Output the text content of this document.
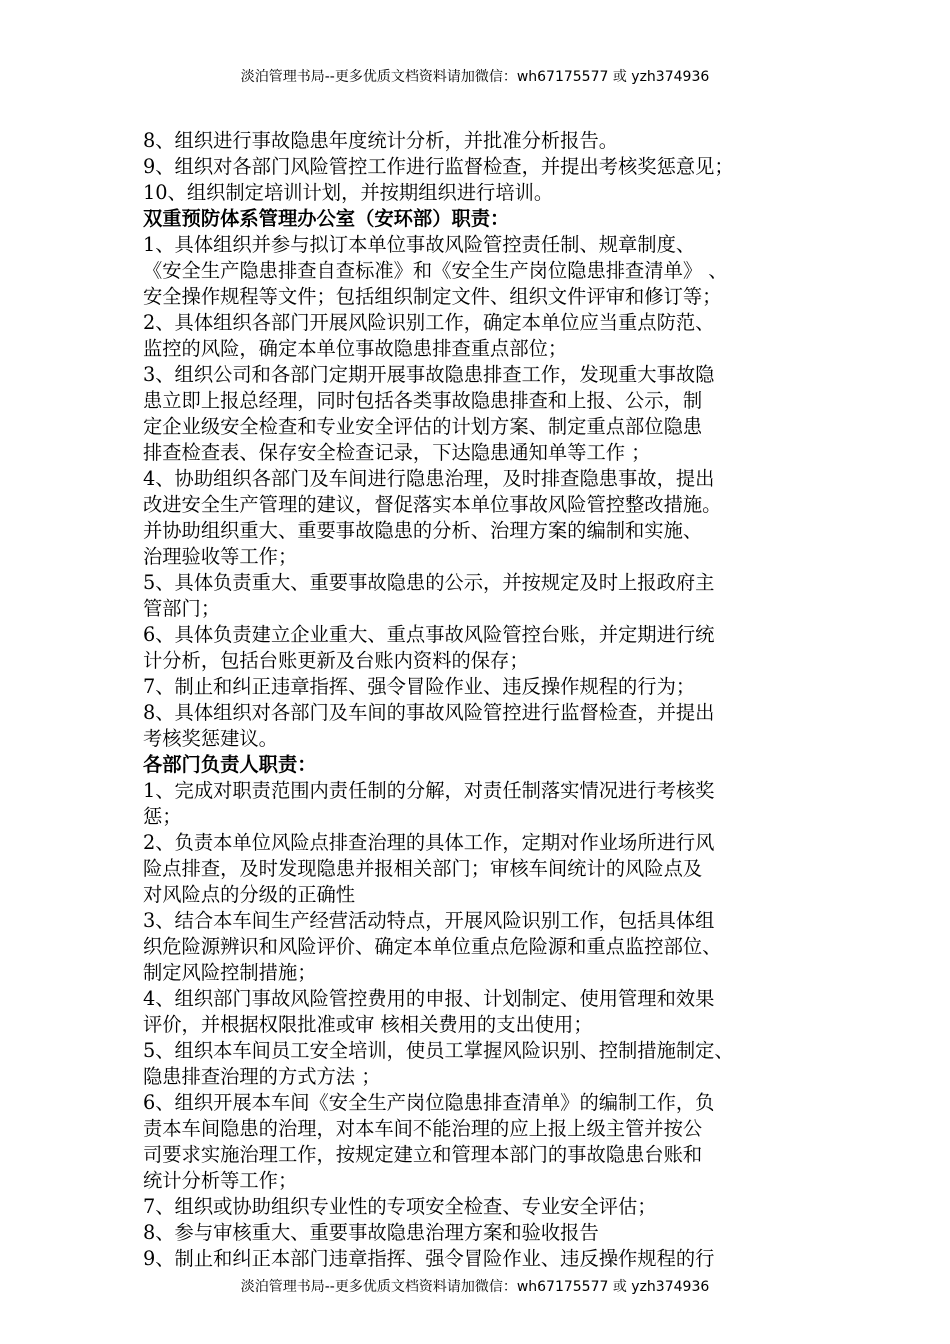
淡泊管理书局--更多优质文档资料请加微信：wh67175577 或 yzh374936
8、组织进行事故隐患年度统计分析，并批准分析报告。
9、组织对各部门风险管控工作进行监督检查，并提出考核奖惩意见；
10、组织制定培训计划，并按期组织进行培训。
双重预防体系管理办公室（安环部）职责：
1、具体组织并参与拟订本单位事故风险管控责任制、规章制度、
《安全生产隐患排查自查标准》和《安全生产岗位隐患排查清单》 、
安全操作规程等文件；包括组织制定文件、组织文件评审和修订等；
2、具体组织各部门开展风险识别工作，确定本单位应当重点防范、
监控的风险，确定本单位事故隐患排查重点部位；
3、组织公司和各部门定期开展事故隐患排查工作，发现重大事故隐
患立即上报总经理，同时包括各类事故隐患排查和上报、公示，制
定企业级安全检查和专业安全评估的计划方案、制定重点部位隐患
排查检查表、保存安全检查记录，下达隐患通知单等工作 ；
4、协助组织各部门及车间进行隐患治理，及时排查隐患事故，提出
改进安全生产管理的建议，督促落实本单位事故风险管控整改措施。
并协助组织重大、重要事故隐患的分析、治理方案的编制和实施、
治理验收等工作；
5、具体负责重大、重要事故隐患的公示，并按规定及时上报政府主
管部门；
6、具体负责建立企业重大、重点事故风险管控台账，并定期进行统
计分析，包括台账更新及台账内资料的保存；
7、制止和纠正违章指挥、强令冒险作业、违反操作规程的行为；
8、具体组织对各部门及车间的事故风险管控进行监督检查，并提出
考核奖惩建议。
各部门负责人职责：
1、完成对职责范围内责任制的分解，对责任制落实情况进行考核奖
惩；
2、负责本单位风险点排查治理的具体工作，定期对作业场所进行风
险点排查，及时发现隐患并报相关部门；审核车间统计的风险点及
对风险点的分级的正确性
3、结合本车间生产经营活动特点，开展风险识别工作，包括具体组
织危险源辨识和风险评价、确定本单位重点危险源和重点监控部位、
制定风险控制措施；
4、组织部门事故风险管控费用的申报、计划制定、使用管理和效果
评价，并根据权限批准或审 核相关费用的支出使用；
5、组织本车间员工安全培训，使员工掌握风险识别、控制措施制定、
隐患排查治理的方式方法 ；
6、组织开展本车间《安全生产岗位隐患排查清单》的编制工作，负
责本车间隐患的治理，对本车间不能治理的应上报上级主管并按公
司要求实施治理工作，按规定建立和管理本部门的事故隐患台账和
统计分析等工作；
7、组织或协助组织专业性的专项安全检查、专业安全评估；
8、参与审核重大、重要事故隐患治理方案和验收报告
9、制止和纠正本部门违章指挥、强令冒险作业、违反操作规程的行
淡泊管理书局--更多优质文档资料请加微信：wh67175577 或 yzh374936
